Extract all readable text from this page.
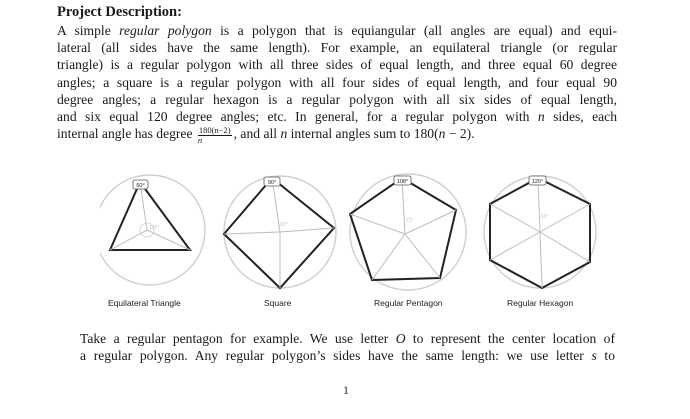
Project Description:
A simple regular polygon is a polygon that is equiangular (all angles are equal) and equi-
lateral (all sides have the same length). For example, an equilateral triangle (or regular
triangle) is a regular polygon with all three sides of equal length, and three equal 60 degree
angles; a square is a regular polygon with all four sides of equal length, and four equal 90
degree angles; a regular hexagon is a regular polygon with all six sides of equal length,
and six equal 120 degree angles; etc. In general, for a regular polygon with n sides, each
internal angle has degree $\frac{180(n-2)}{n}$ , and all n internal angles sum to 180(n − 2).
60°
120°
90°
90°
108°
72°
120°
60°
Equilateral Triangle	Square	Regular Pentagon	Regular Hexagon
Take a regular pentagon for example. We use letter O to represent the center location of
a regular polygon. Any regular polygon’s sides have the same length: we use letter s to
1
